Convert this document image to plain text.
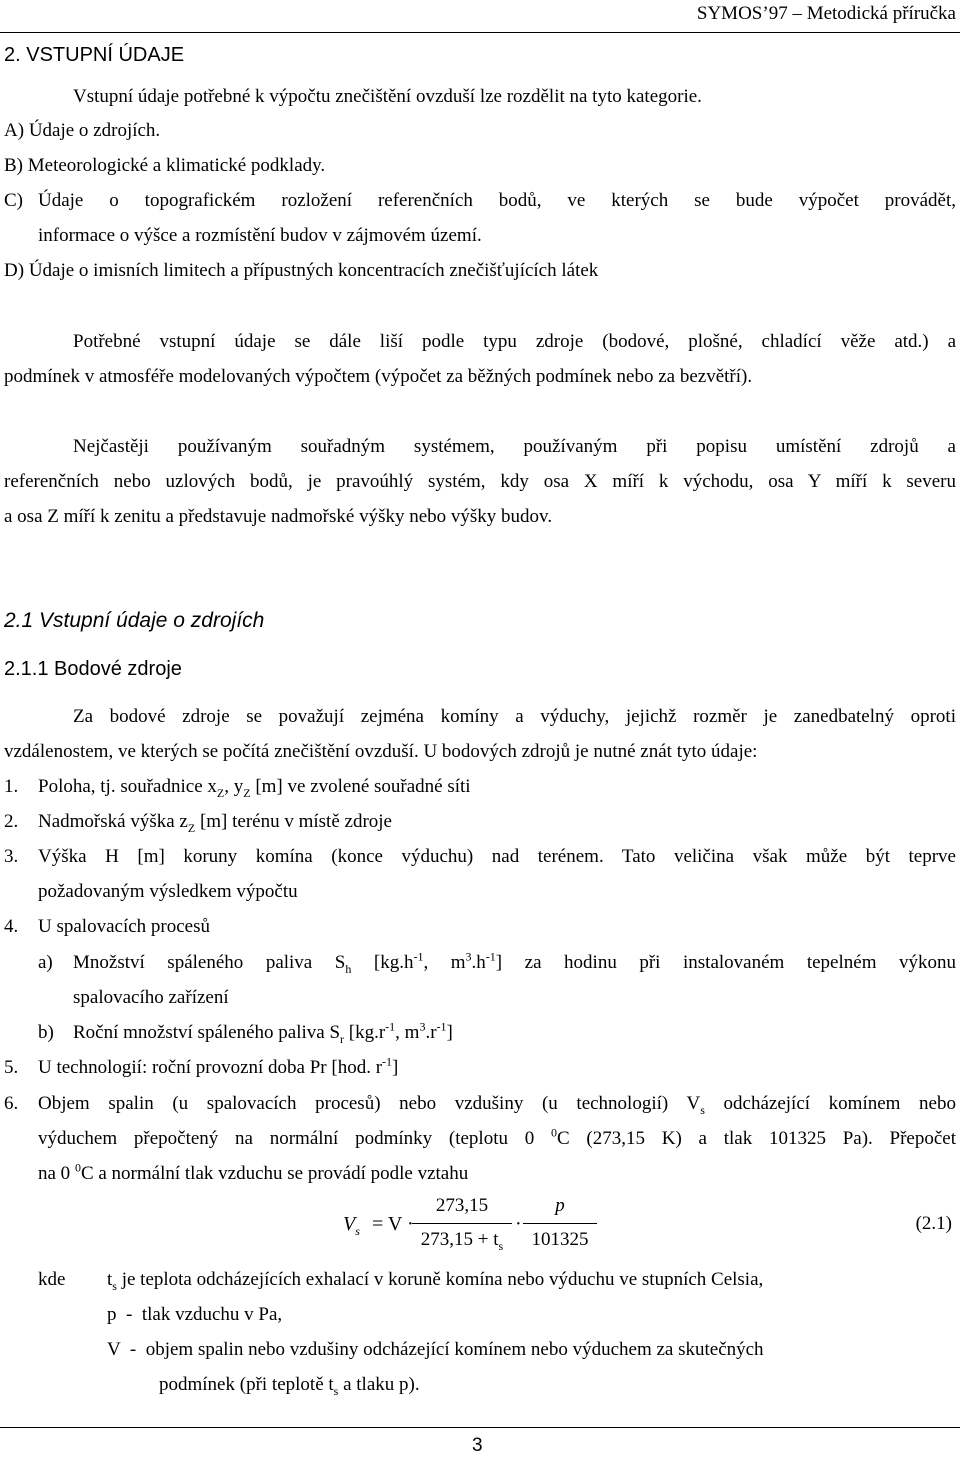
SYMOS’97 – Metodická příručka
2. VSTUPNÍ ÚDAJE
Vstupní údaje potřebné k výpočtu znečištění ovzduší lze rozdělit na tyto kategorie.
A) Údaje o zdrojích.
B) Meteorologické a klimatické podklady.
C) Údaje o topografickém rozložení referenčních bodů, ve kterých se bude výpočet provádět,
informace o výšce a rozmístění budov v zájmovém území.
D) Údaje o imisních limitech a přípustných koncentracích znečišťujících látek
Potřebné vstupní údaje se dále liší podle typu zdroje (bodové, plošné, chladící věže atd.) a
podmínek v atmosféře modelovaných výpočtem (výpočet za běžných podmínek nebo za bezvětří).
Nejčastěji používaným souřadným systémem, používaným při popisu umístění zdrojů a
referenčních nebo uzlových bodů, je pravoúhlý systém, kdy osa X míří k východu, osa Y míří k severu
a osa Z míří k zenitu a představuje nadmořské výšky nebo výšky budov.
2.1 Vstupní údaje o zdrojích
2.1.1 Bodové zdroje
Za bodové zdroje se považují zejména komíny a výduchy, jejichž rozměr je zanedbatelný oproti
vzdálenostem, ve kterých se počítá znečištění ovzduší. U bodových zdrojů je nutné znát tyto údaje:
1. Poloha, tj. souřadnice $x_Z$, $y_Z$ [m] ve zvolené souřadné síti
2. Nadmořská výška $z_Z$ [m] terénu v místě zdroje
3. Výška H [m] koruny komína (konce výduchu) nad terénem. Tato veličina však může být teprve
požadovaným výsledkem výpočtu
4. U spalovacích procesů
a) Množství spáleného paliva $S_h$ [$kg.h^{-1}$, $m^3.h^{-1}$] za hodinu při instalovaném tepelném výkonu
spalovacího zařízení
b) Roční množství spáleného paliva $S_r$ [$kg.r^{-1}$, $m^3.r^{-1}$]
5. U technologií: roční provozní doba Pr [hod. $r^{-1}$]
6. Objem spalin (u spalovacích procesů) nebo vzdušiny (u technologií) $V_s$ odcházející komínem nebo
výduchem přepočtený na normální podmínky (teplotu 0 $^0$C (273,15 K) a tlak 101325 Pa). Přepočet
na 0 $^0$C a normální tlak vzduchu se provádí podle vztahu
$V_s = V$ ·
273,15
$273,15 + t_s$
·
p
101325
(2.1)
kde $t_s$ je teplota odcházejících exhalací v koruně komína nebo výduchu ve stupních Celsia,
p  -  tlak vzduchu v Pa,
V  -  objem spalin nebo vzdušiny odcházející komínem nebo výduchem za skutečných
podmínek (při teplotě $t_s$ a tlaku p).
3
